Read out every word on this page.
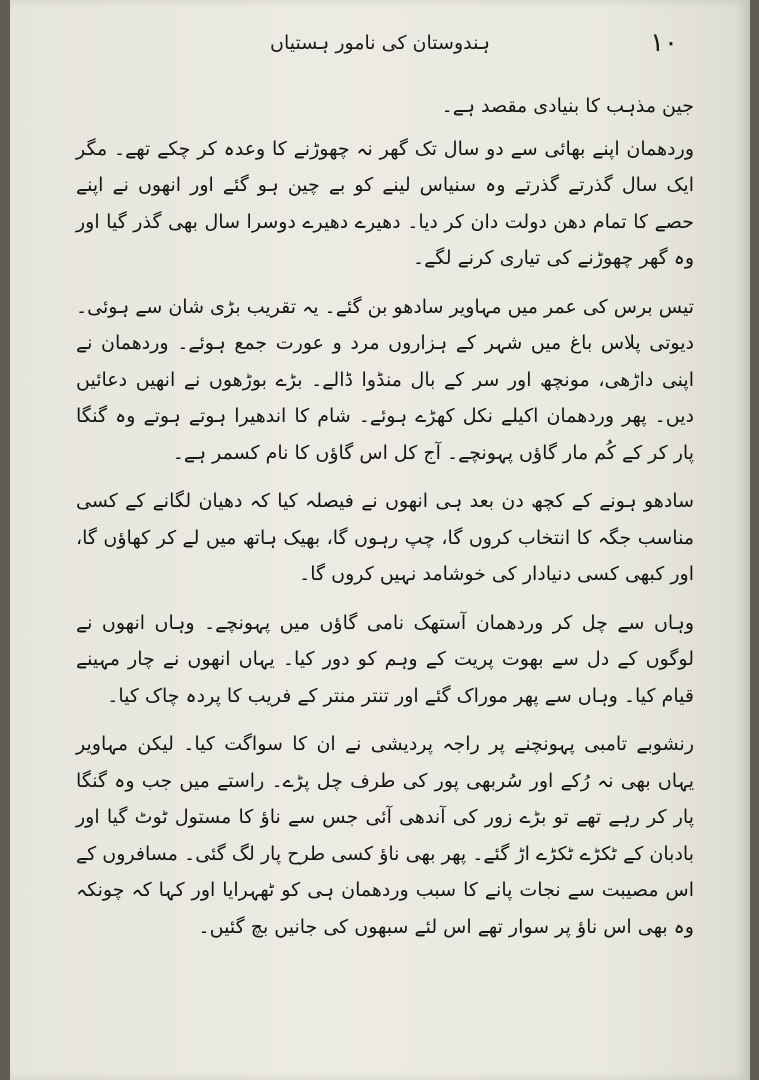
۱۰
ہندوستان کی نامور ہستیاں

جین مذہب کا بنیادی مقصد ہے۔

وردھمان اپنے بھائی سے دو سال تک گھر نہ چھوڑنے کا وعدہ کر چکے تھے۔ مگر ایک سال گذرتے گذرتے وہ سنیاس لینے کو بے چین ہو گئے اور انھوں نے اپنے حصے کا تمام دھن دولت دان کر دیا۔ دھیرے دھیرے دوسرا سال بھی گذر گیا اور وہ گھر چھوڑنے کی تیاری کرنے لگے۔

تیس برس کی عمر میں مہاویر سادھو بن گئے۔ یہ تقریب بڑی شان سے ہوئی۔ دیوتی پلاس باغ میں شہر کے ہزاروں مرد و عورت جمع ہوئے۔ وردھمان نے اپنی داڑھی، مونچھ اور سر کے بال منڈوا ڈالے۔ بڑے بوڑھوں نے انھیں دعائیں دیں۔ پھر وردھمان اکیلے نکل کھڑے ہوئے۔ شام کا اندھیرا ہوتے ہوتے وہ گنگا پار کر کے کُم مار گاؤں پہونچے۔ آج کل اس گاؤں کا نام کسمر ہے۔

سادھو ہونے کے کچھ دن بعد ہی انھوں نے فیصلہ کیا کہ دھیان لگانے کے کسی مناسب جگہ کا انتخاب کروں گا، چپ رہوں گا، بھیک ہاتھ میں لے کر کھاؤں گا، اور کبھی کسی دنیادار کی خوشامد نہیں کروں گا۔

وہاں سے چل کر وردھمان آستھک نامی گاؤں میں پہونچے۔ وہاں انھوں نے لوگوں کے دل سے بھوت پریت کے وہم کو دور کیا۔ یہاں انھوں نے چار مہینے قیام کیا۔ وہاں سے پھر موراک گئے اور تنتر منتر کے فریب کا پردہ چاک کیا۔

رنشوبے تامبی پہونچنے پر راجہ پردیشی نے ان کا سواگت کیا۔ لیکن مہاویر یہاں بھی نہ رُکے اور سُربھی پور کی طرف چل پڑے۔ راستے میں جب وہ گنگا پار کر رہے تھے تو بڑے زور کی آندھی آئی جس سے ناؤ کا مستول ٹوٹ گیا اور بادبان کے ٹکڑے ٹکڑے اڑ گئے۔ پھر بھی ناؤ کسی طرح پار لگ گئی۔ مسافروں کے اس مصیبت سے نجات پانے کا سبب وردھمان ہی کو ٹھہرایا اور کہا کہ چونکہ وہ بھی اس ناؤ پر سوار تھے اس لئے سبھوں کی جانیں بچ گئیں۔
